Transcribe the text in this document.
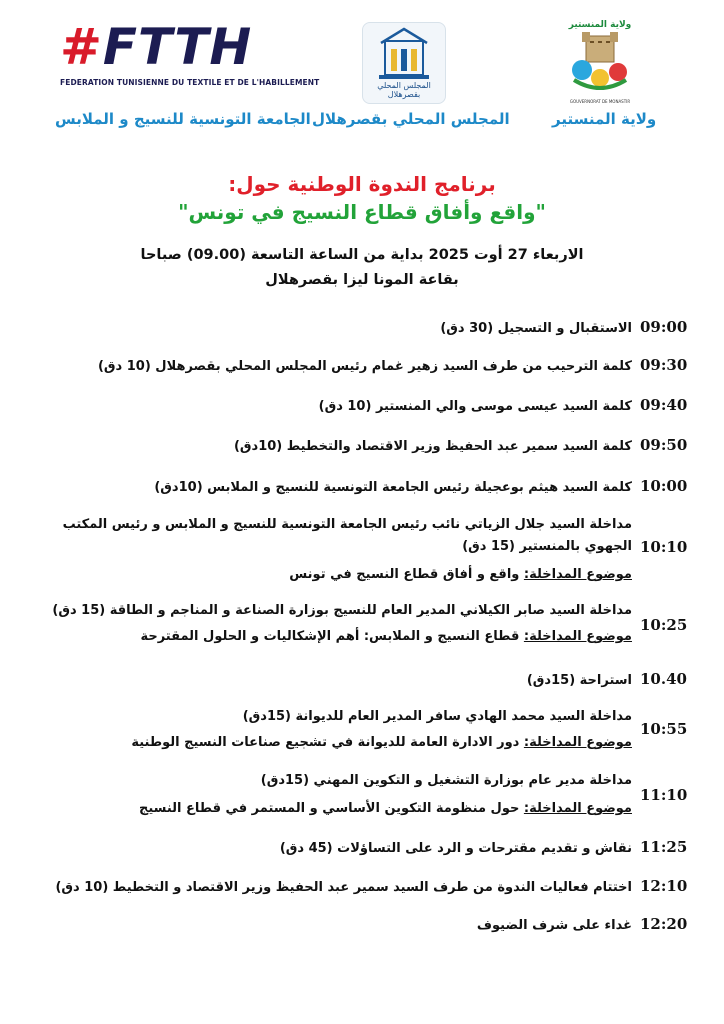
#FTTH
FEDERATION TUNISIENNE DU TEXTILE ET DE L'HABILLEMENT	المجلس المحلي بقصرهلال
ولاية المنستير
GOUVERNORAT DE MONASTIR
الجامعة التونسية للنسيج و الملابس المجلس المحلي بقصرهلال	ولاية المنستير
برنامج الندوة الوطنية حول:
"واقع وأفاق قطاع النسيج في تونس"
الاربعاء 27 أوت 2025 بداية من الساعة التاسعة (09.00) صباحا
بقاعة المونا ليزا بقصرهلال
09:00
الاستقبال و التسجيل (30 دق)
09:30
كلمة الترحيب من طرف السيد زهير غمام رئيس المجلس المحلي بقصرهلال (10 دق)
09:40
كلمة السيد عيسى موسى والي المنستير (10 دق)
09:50
كلمة السيد سمير عبد الحفيظ وزير الاقتصاد والتخطيط (10دق)
10:00
كلمة السيد هيثم بوعجيلة رئيس الجامعة التونسية للنسيج و الملابس (10دق)
10:10
مداخلة السيد جلال الزياتي نائب رئيس الجامعة التونسية للنسيج و الملابس و رئيس المكتب
الجهوي بالمنستير (15 دق)
موضوع المداخلة: واقع و أفاق قطاع النسيج في تونس
10:25
مداخلة السيد صابر الكيلاني المدير العام للنسيج بوزارة الصناعة و المناجم و الطاقة (15 دق)
موضوع المداخلة: قطاع النسيج و الملابس: أهم الإشكاليات و الحلول المقترحة
10.40
استراحة (15دق)
10:55
مداخلة السيد محمد الهادي سافر المدير العام للديوانة (15دق)
موضوع المداخلة: دور الادارة العامة للديوانة في تشجيع صناعات النسيج الوطنية
11:10
مداخلة مدير عام بوزارة التشغيل و التكوين المهني (15دق)
موضوع المداخلة: حول منظومة التكوين الأساسي و المستمر في قطاع النسيج
11:25
نقاش و تقديم مقترحات و الرد على التساؤلات (45 دق)
12:10
اختتام فعاليات الندوة من طرف السيد سمير عبد الحفيظ وزير الاقتصاد و التخطيط (10 دق)
12:20
غداء على شرف الضيوف
